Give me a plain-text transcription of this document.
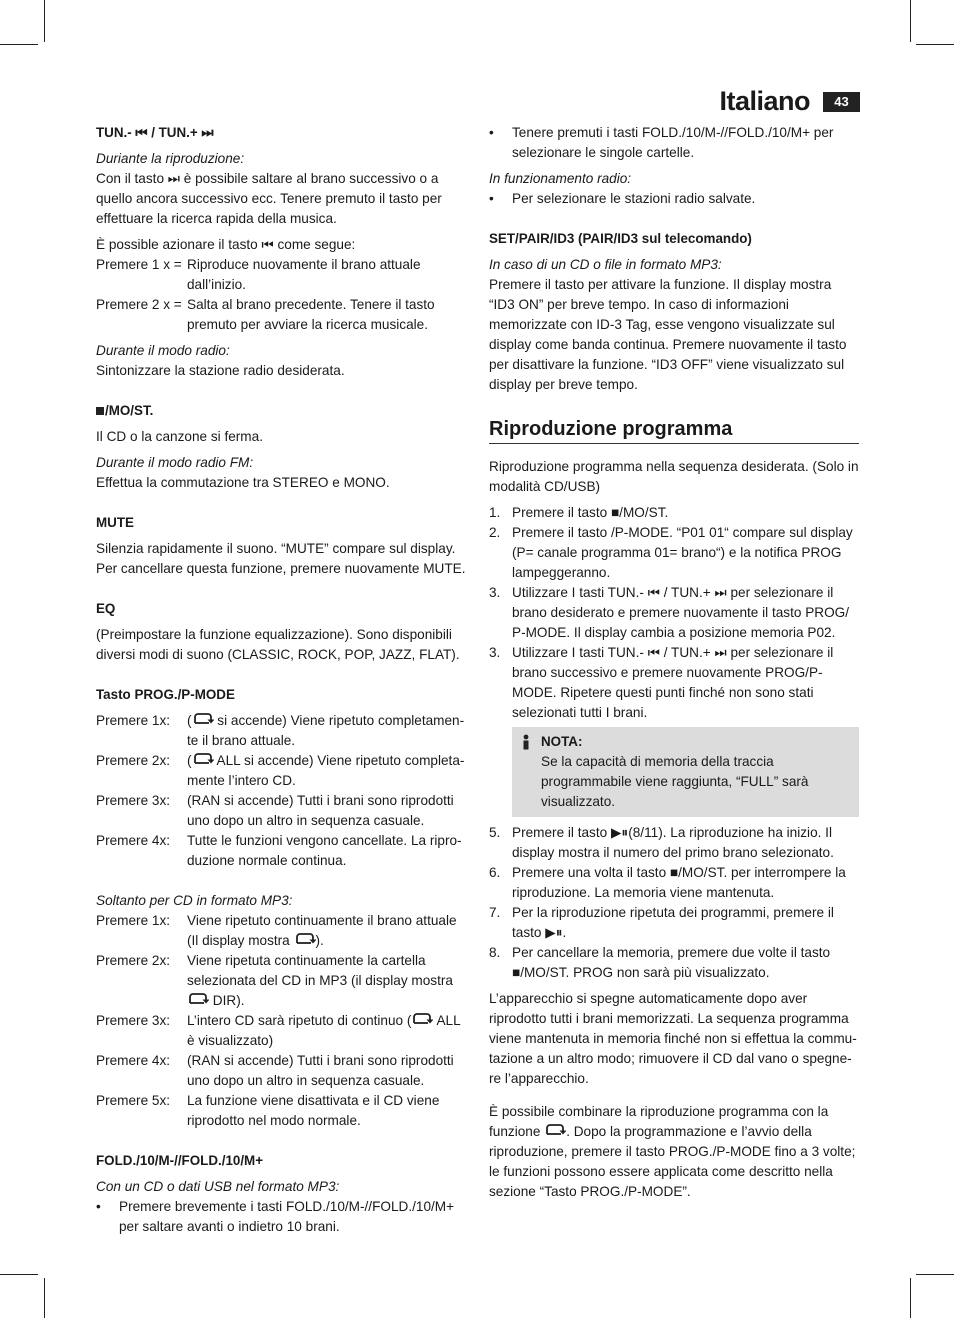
Italiano	43

TUN.- ⏮ / TUN.+ ⏭

Duriante la riproduzione:

Con il tasto ⏭ è possibile saltare al brano successivo o a quello ancora successivo ecc. Tenere premuto il tasto per effettuare la ricerca rapida della musica.

È possible azionare il tasto ⏮ come segue:

Premere 1 x = Riproduce nuovamente il brano attuale dall’inizio.
Premere 2 x = Salta al brano precedente. Tenere il tasto premuto per avviare la ricerca musicale.

Durante il modo radio:

Sintonizzare la stazione radio desiderata.

/MO/ST.

Il CD o la canzone si ferma.

Durante il modo radio FM:

Effettua la commutazione tra STEREO e MONO.

MUTE

Silenzia rapidamente il suono. “MUTE” compare sul display. Per cancellare questa funzione, premere nuovamente MUTE.

EQ

(Preimpostare la funzione equalizzazione). Sono disponibili diversi modi di suono (CLASSIC, ROCK, POP, JAZZ, FLAT).

Tasto PROG./P-MODE

Premere 1x:	( si accende) Viene ripetuto completamente il brano attuale.
Premere 2x:	( ALL si accende) Viene ripetuto completamente l’intero CD.
Premere 3x:	(RAN si accende) Tutti i brani sono riprodotti uno dopo un altro in sequenza casuale.
Premere 4x:	Tutte le funzioni vengono cancellate. La riproduzione normale continua.

Soltanto per CD in formato MP3:

Premere 1x:	Viene ripetuto continuamente il brano attuale (Il display mostra ).
Premere 2x:	Viene ripetuta continuamente la cartella selezionata del CD in MP3 (il display mostra  DIR).
Premere 3x:	L’intero CD sarà ripetuto di continuo ( ALL è visualizzato)
Premere 4x:	(RAN si accende) Tutti i brani sono riprodotti uno dopo un altro in sequenza casuale.
Premere 5x:	La funzione viene disattivata e il CD viene riprodotto nel modo normale.

FOLD./10/M-//FOLD./10/M+

Con un CD o dati USB nel formato MP3:

•	Premere brevemente i tasti FOLD./10/M-//FOLD./10/M+ per saltare avanti o indietro 10 brani.
•	Tenere premuti i tasti FOLD./10/M-//FOLD./10/M+ per selezionare le singole cartelle.

In funzionamento radio:

•	Per selezionare le stazioni radio salvate.

SET/PAIR/ID3 (PAIR/ID3 sul telecomando)

In caso di un CD o file in formato MP3:

Premere il tasto per attivare la funzione. Il display mostra “ID3 ON” per breve tempo. In caso di informazioni memorizzate con ID-3 Tag, esse vengono visualizzate sul display come banda continua. Premere nuovamente il tasto per disattivare la funzione. “ID3 OFF” viene visualizzato sul display per breve tempo.

Riproduzione programma

Riproduzione programma nella sequenza desiderata. (Solo in modalità CD/USB)

1. Premere il tasto ■/MO/ST.
2. Premere il tasto /P-MODE. “P01 01“ compare sul display (P= canale programma 01= brano“) e la notifica PROG lampeggeranno.
3. Utilizzare I tasti TUN.- ⏮ / TUN.+ ⏭ per selezionare il brano desiderato e premere nuovamente il tasto PROG/ P-MODE. Il display cambia a posizione memoria P02.
3. Utilizzare I tasti TUN.- ⏮ / TUN.+ ⏭ per selezionare il brano successivo e premere nuovamente PROG/P-MODE. Ripetere questi punti finché non sono stati selezionati tutti I brani.

NOTA:

Se la capacità di memoria della traccia programmabile viene raggiunta, “FULL” sarà visualizzato.

5. Premere il tasto ▶⏸(8/11). La riproduzione ha inizio. Il display mostra il numero del primo brano selezionato.
6. Premere una volta il tasto ■/MO/ST. per interrompere la riproduzione. La memoria viene mantenuta.
7. Per la riproduzione ripetuta dei programmi, premere il tasto ▶⏸.
8. Per cancellare la memoria, premere due volte il tasto ■/MO/ST. PROG non sarà più visualizzato.

L’apparecchio si spegne automaticamente dopo aver riprodotto tutti i brani memorizzati. La sequenza programma viene mantenuta in memoria finché non si effettua la commutazione a un altro modo; rimuovere il CD dal vano o spegnere l’apparecchio.

È possibile combinare la riproduzione programma con la funzione . Dopo la programmazione e l’avvio della riproduzione, premere il tasto PROG./P-MODE fino a 3 volte; le funzioni possono essere applicata come descritto nella sezione “Tasto PROG./P-MODE”.
